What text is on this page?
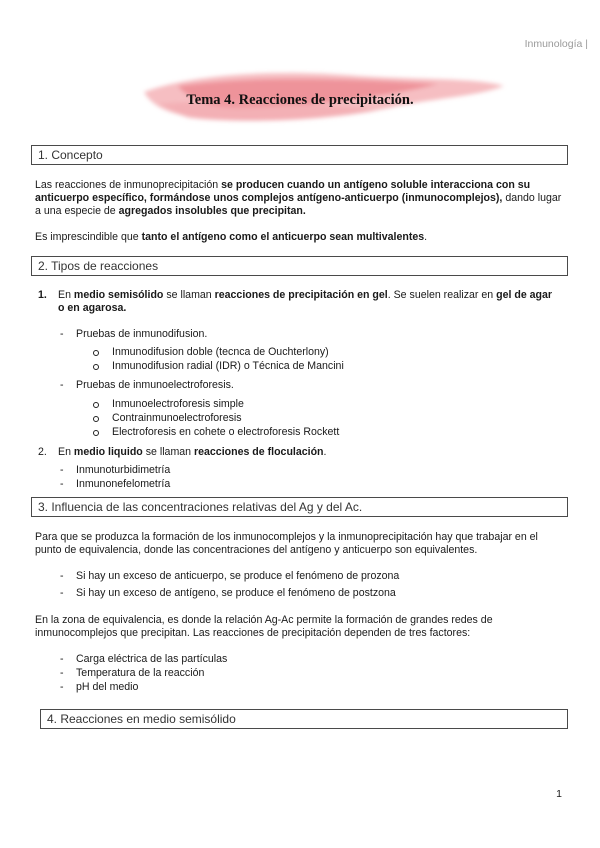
Inmunología |
Tema 4. Reacciones de precipitación.
1. Concepto
Las reacciones de inmunoprecipitación se producen cuando un antígeno soluble interacciona con su anticuerpo específico, formándose unos complejos antígeno-anticuerpo (inmunocomplejos), dando lugar a una especie de agregados insolubles que precipitan.
Es imprescindible que tanto el antígeno como el anticuerpo sean multivalentes.
2. Tipos de reacciones
1. En medio semisólido se llaman reacciones de precipitación en gel. Se suelen realizar en gel de agar o en agarosa.
- Pruebas de inmunodifusion.
Inmunodifusion doble (tecnca de Ouchterlony)
Inmunodifusion radial (IDR) o Técnica de Mancini
- Pruebas de inmunoelectroforesis.
Inmunoelectroforesis simple
Contrainmunoelectroforesis
Electroforesis en cohete o electroforesis Rockett
2. En medio liquido se llaman reacciones de floculación.
- Inmunoturbidimetría
- Inmunonefelometría
3. Influencia de las concentraciones relativas del Ag y del Ac.
Para que se produzca la formación de los inmunocomplejos y la inmunoprecipitación hay que trabajar en el punto de equivalencia, donde las concentraciones del antígeno y anticuerpo son equivalentes.
- Si hay un exceso de anticuerpo, se produce el fenómeno de prozona
- Si hay un exceso de antígeno, se produce el fenómeno de postzona
En la zona de equivalencia, es donde la relación Ag-Ac permite la formación de grandes redes de inmunocomplejos que precipitan. Las reacciones de precipitación dependen de tres factores:
- Carga eléctrica de las partículas
- Temperatura de la reacción
- pH del medio
4. Reacciones en medio semisólido
1
